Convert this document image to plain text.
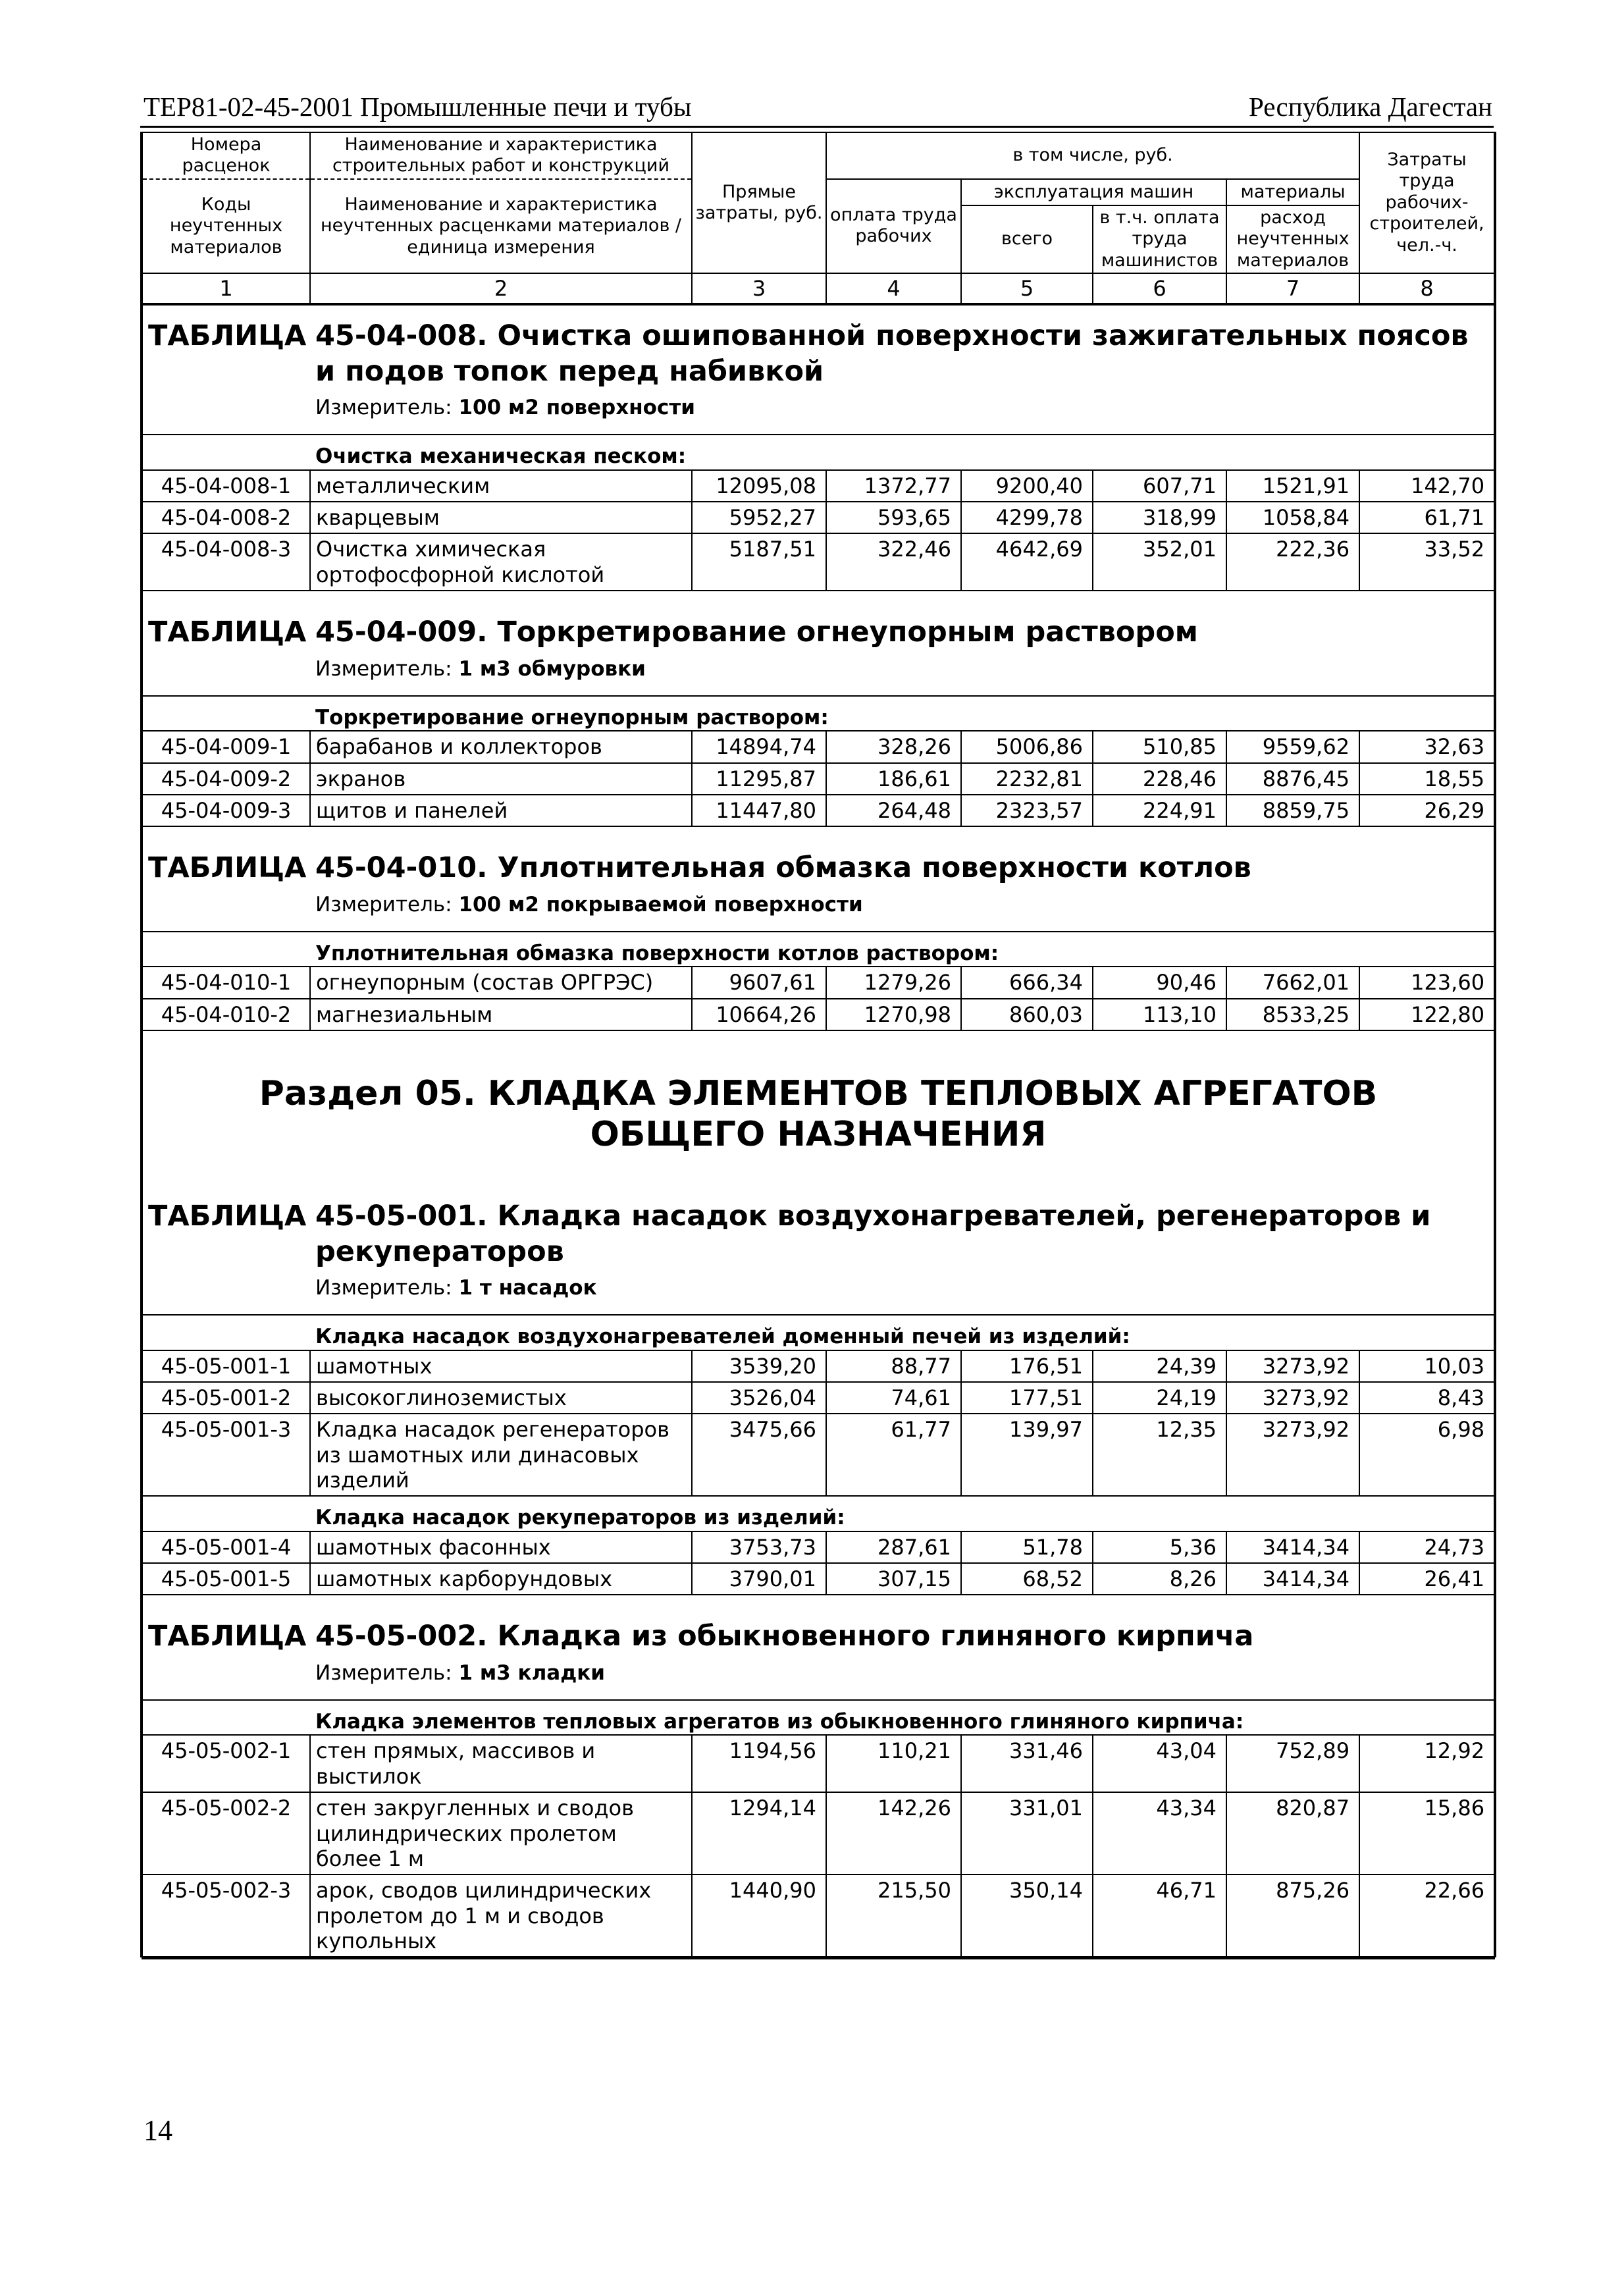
ТЕР81-02-45-2001 Промышленные печи и тубы	Республика Дагестан
Номера расценок	Наименование и характеристика строительных работ и конструкций	Прямые затраты, руб.	в том числе, руб.				Затраты труда рабочих-строителей, чел.-ч.
Коды неучтенных материалов	Наименование и характеристика неучтенных расценками материалов / единица измерения		оплата труда рабочих	эксплуатация машин		материалы	
				всего	в т.ч. оплата труда машинистов	расход неучтенных материалов	
1	2	3	4	5	6	7	8

ТАБЛИЦА	45-04-008. Очистка ошипованной поверхности зажигательных поясов и подов топок перед набивкой						
	Измеритель: 100 м2 поверхности						
	Очистка механическая песком:						
45-04-008-1	металлическим	12095,08	1372,77	9200,40	607,71	1521,91	142,70
45-04-008-2	кварцевым	5952,27	593,65	4299,78	318,99	1058,84	61,71
45-04-008-3	Очистка химическая ортофосфорной кислотой	5187,51	322,46	4642,69	352,01	222,36	33,52

ТАБЛИЦА	45-04-009. Торкретирование огнеупорным раствором						
	Измеритель: 1 м3 обмуровки						
	Торкретирование огнеупорным раствором:						
45-04-009-1	барабанов и коллекторов	14894,74	328,26	5006,86	510,85	9559,62	32,63
45-04-009-2	экранов	11295,87	186,61	2232,81	228,46	8876,45	18,55
45-04-009-3	щитов и панелей	11447,80	264,48	2323,57	224,91	8859,75	26,29

ТАБЛИЦА	45-04-010. Уплотнительная обмазка поверхности котлов						
	Измеритель: 100 м2 покрываемой поверхности						
	Уплотнительная обмазка поверхности котлов раствором:						
45-04-010-1	огнеупорным (состав ОРГРЭС)	9607,61	1279,26	666,34	90,46	7662,01	123,60
45-04-010-2	магнезиальным	10664,26	1270,98	860,03	113,10	8533,25	122,80

Раздел 05. КЛАДКА ЭЛЕМЕНТОВ ТЕПЛОВЫХ АГРЕГАТОВ
ОБЩЕГО НАЗНАЧЕНИЯ							

ТАБЛИЦА	45-05-001. Кладка насадок воздухонагревателей, регенераторов и рекуператоров						
	Измеритель: 1 т насадок						
	Кладка насадок воздухонагревателей доменный печей из изделий:						
45-05-001-1	шамотных	3539,20	88,77	176,51	24,39	3273,92	10,03
45-05-001-2	высокоглиноземистых	3526,04	74,61	177,51	24,19	3273,92	8,43
45-05-001-3	Кладка насадок регенераторов из шамотных или динасовых изделий	3475,66	61,77	139,97	12,35	3273,92	6,98
	Кладка насадок рекуператоров из изделий:						
45-05-001-4	шамотных фасонных	3753,73	287,61	51,78	5,36	3414,34	24,73
45-05-001-5	шамотных карборундовых	3790,01	307,15	68,52	8,26	3414,34	26,41

ТАБЛИЦА	45-05-002. Кладка из обыкновенного глиняного кирпича						
	Измеритель: 1 м3 кладки						
	Кладка элементов тепловых агрегатов из обыкновенного глиняного кирпича:						
45-05-002-1	стен прямых, массивов и выстилок	1194,56	110,21	331,46	43,04	752,89	12,92
45-05-002-2	стен закругленных и сводов цилиндрических пролетом более 1 м	1294,14	142,26	331,01	43,34	820,87	15,86
45-05-002-3	арок, сводов цилиндрических пролетом до 1 м и сводов купольных	1440,90	215,50	350,14	46,71	875,26	22,66

14
